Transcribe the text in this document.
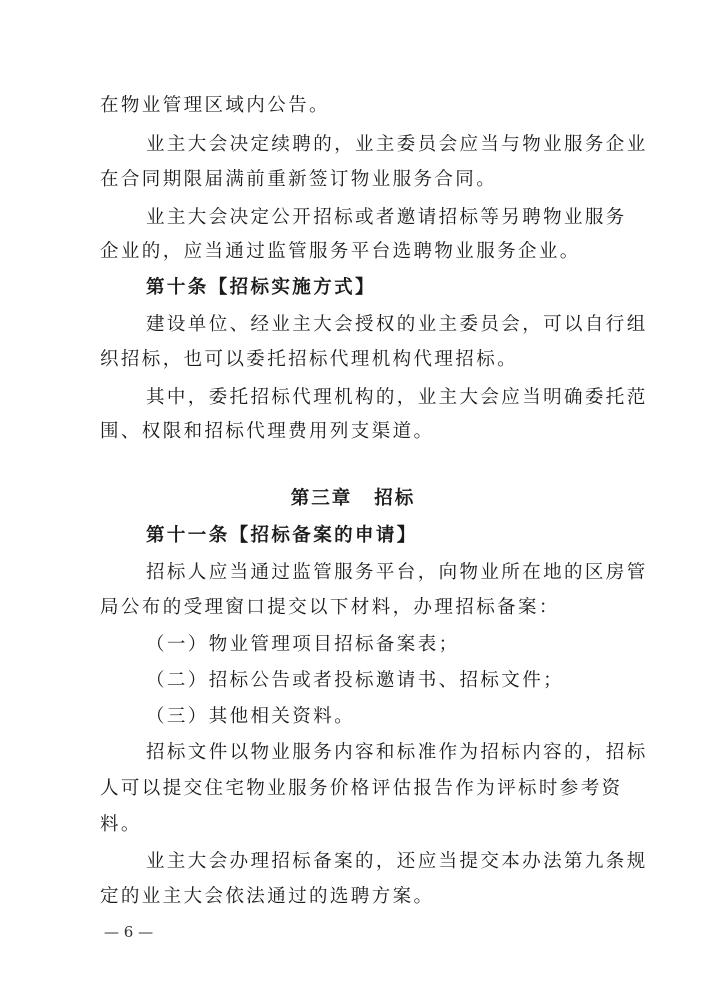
在物业管理区域内公告。
业主大会决定续聘的，业主委员会应当与物业服务企业
在合同期限届满前重新签订物业服务合同。
业主大会决定公开招标或者邀请招标等另聘物业服务
企业的，应当通过监管服务平台选聘物业服务企业。
第十条【招标实施方式】
建设单位、经业主大会授权的业主委员会，可以自行组
织招标，也可以委托招标代理机构代理招标。
其中，委托招标代理机构的，业主大会应当明确委托范
围、权限和招标代理费用列支渠道。
第三章 招标
第十一条【招标备案的申请】
招标人应当通过监管服务平台，向物业所在地的区房管
局公布的受理窗口提交以下材料，办理招标备案：
（一）物业管理项目招标备案表；
（二）招标公告或者投标邀请书、招标文件；
（三）其他相关资料。
招标文件以物业服务内容和标准作为招标内容的，招标
人可以提交住宅物业服务价格评估报告作为评标时参考资
料。
业主大会办理招标备案的，还应当提交本办法第九条规
定的业主大会依法通过的选聘方案。
— 6 —
